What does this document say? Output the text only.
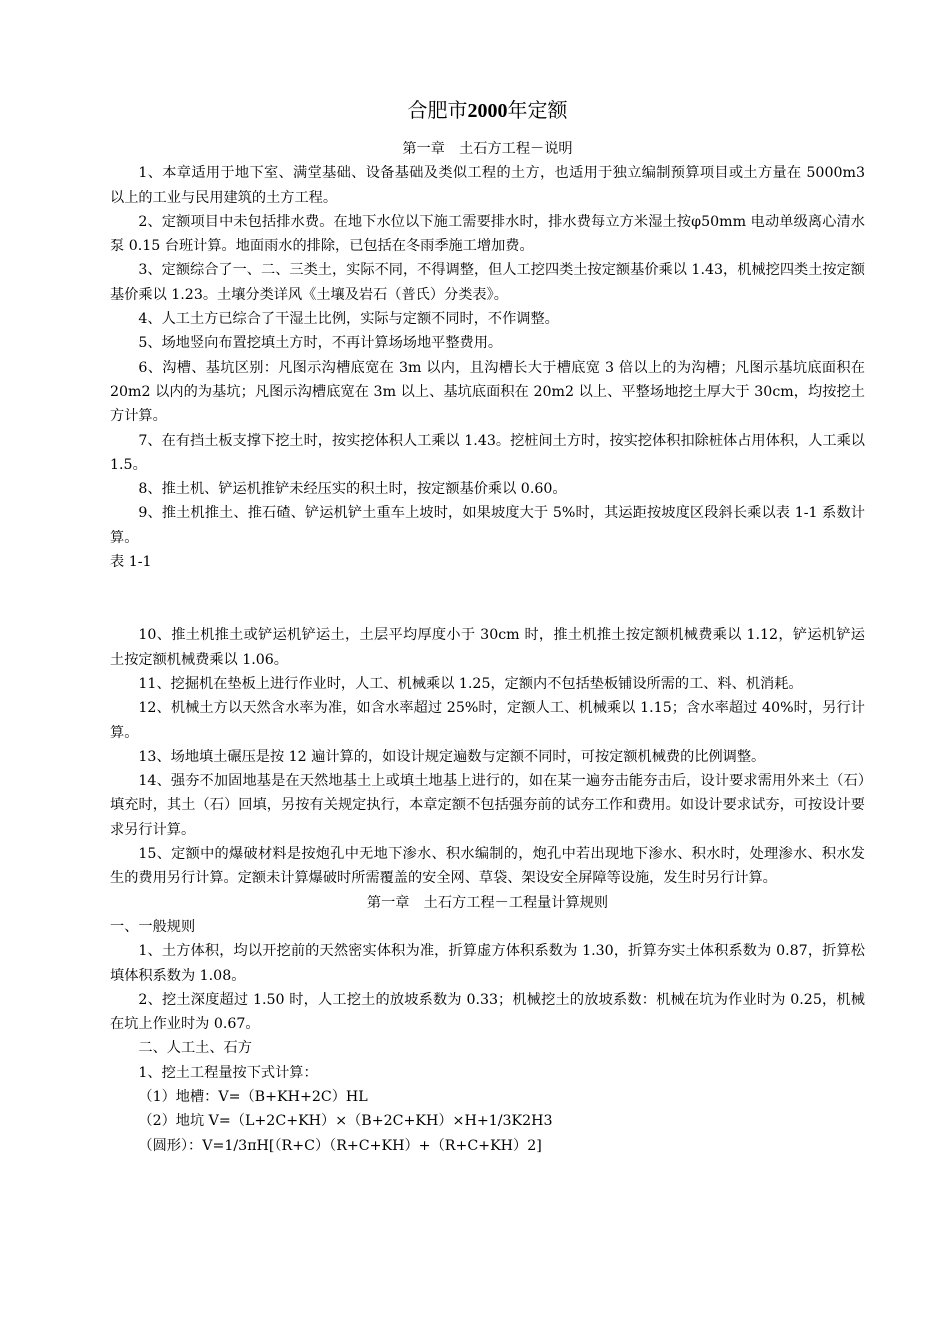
合肥市2000年定额

第一章　土石方工程－说明

1、本章适用于地下室、满堂基础、设备基础及类似工程的土方，也适用于独立编制预算项目或土方量在 5000m3 以上的工业与民用建筑的土方工程。

2、定额项目中未包括排水费。在地下水位以下施工需要排水时，排水费每立方米湿土按φ50mm 电动单级离心清水泵 0.15 台班计算。地面雨水的排除，已包括在冬雨季施工增加费。

3、定额综合了一、二、三类土，实际不同，不得调整，但人工挖四类土按定额基价乘以 1.43，机械挖四类土按定额基价乘以 1.23。土壤分类详风《土壤及岩石（普氏）分类表》。

4、人工土方已综合了干湿土比例，实际与定额不同时，不作调整。

5、场地竖向布置挖填土方时，不再计算场场地平整费用。

6、沟槽、基坑区别：凡图示沟槽底宽在 3m 以内，且沟槽长大于槽底宽 3 倍以上的为沟槽；凡图示基坑底面积在 20m2 以内的为基坑；凡图示沟槽底宽在 3m 以上、基坑底面积在 20m2 以上、平整场地挖土厚大于 30cm，均按挖土方计算。

7、在有挡土板支撑下挖土时，按实挖体积人工乘以 1.43。挖桩间土方时，按实挖体积扣除桩体占用体积，人工乘以 1.5。

8、推土机、铲运机推铲未经压实的积土时，按定额基价乘以 0.60。

9、推土机推土、推石碴、铲运机铲土重车上坡时，如果坡度大于 5%时，其运距按坡度区段斜长乘以表 1-1 系数计算。

表 1-1

10、推土机推土或铲运机铲运土，土层平均厚度小于 30cm 时，推土机推土按定额机械费乘以 1.12，铲运机铲运土按定额机械费乘以 1.06。

11、挖掘机在垫板上进行作业时，人工、机械乘以 1.25，定额内不包括垫板铺设所需的工、料、机消耗。

12、机械土方以天然含水率为准，如含水率超过 25%时，定额人工、机械乘以 1.15；含水率超过 40%时，另行计算。

13、场地填土碾压是按 12 遍计算的，如设计规定遍数与定额不同时，可按定额机械费的比例调整。

14、强夯不加固地基是在天然地基土上或填土地基上进行的，如在某一遍夯击能夯击后，设计要求需用外来土（石）填充时，其土（石）回填，另按有关规定执行，本章定额不包括强夯前的试夯工作和费用。如设计要求试夯，可按设计要求另行计算。

15、定额中的爆破材料是按炮孔中无地下渗水、积水编制的，炮孔中若出现地下渗水、积水时，处理渗水、积水发生的费用另行计算。定额未计算爆破时所需覆盖的安全网、草袋、架设安全屏障等设施，发生时另行计算。

第一章　土石方工程－工程量计算规则

一、一般规则

1、土方体积，均以开挖前的天然密实体积为准，折算虚方体积系数为 1.30，折算夯实土体积系数为 0.87，折算松填体积系数为 1.08。

2、挖土深度超过 1.50 时，人工挖土的放坡系数为 0.33；机械挖土的放坡系数：机械在坑为作业时为 0.25，机械在坑上作业时为 0.67。

二、人工土、石方

1、挖土工程量按下式计算：

（1）地槽：V=（B+KH+2C）HL

（2）地坑 V=（L+2C+KH）×（B+2C+KH）×H+1/3K2H3

（圆形）：V=1/3πH[（R+C）（R+C+KH）+（R+C+KH）2]
